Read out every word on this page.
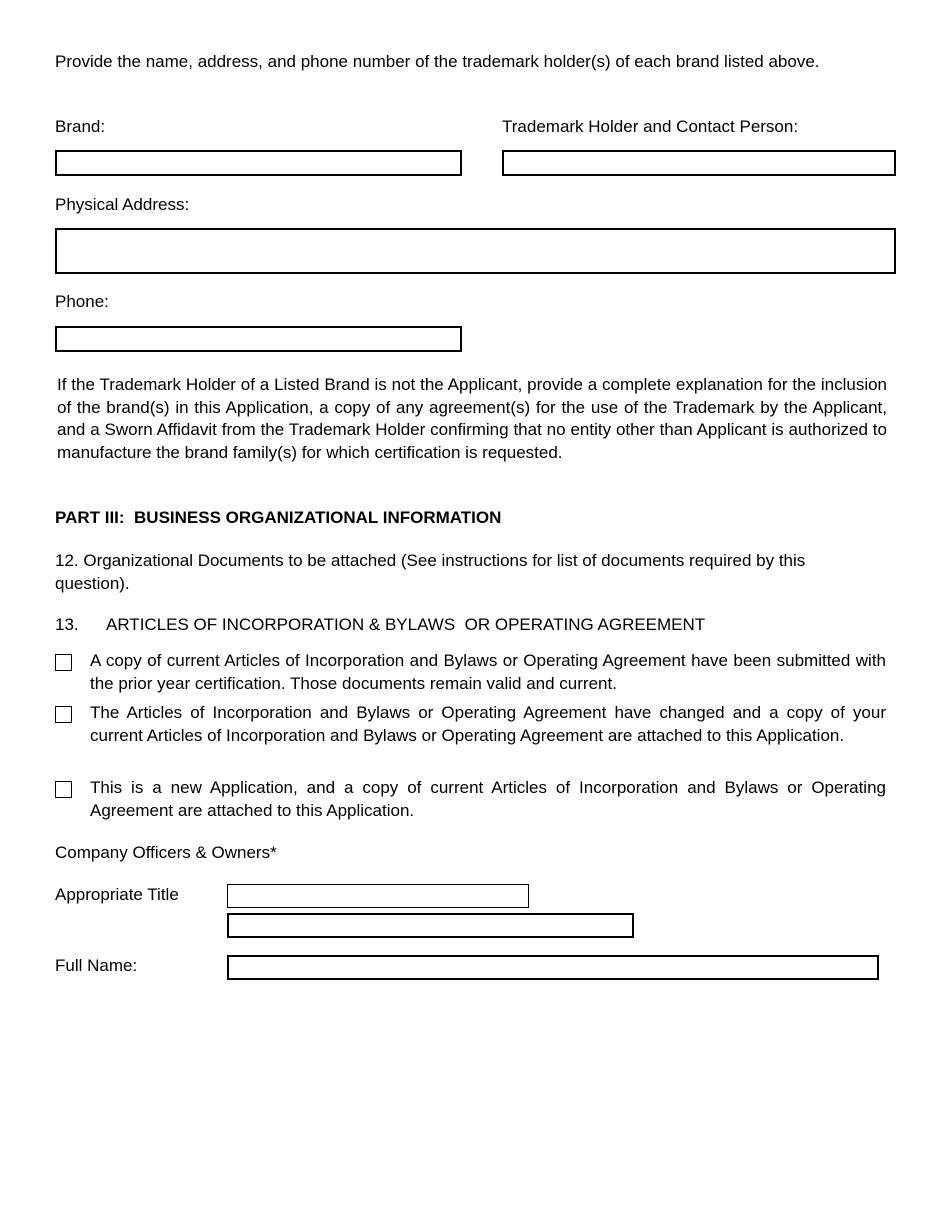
Provide the name, address, and phone number of the trademark holder(s) of each brand listed above.
Brand:	Trademark Holder and Contact Person:
Physical Address:
Phone:
If the Trademark Holder of a Listed Brand is not the Applicant, provide a complete explanation for the inclusion of the brand(s) in this Application, a copy of any agreement(s) for the use of the Trademark by the Applicant, and a Sworn Affidavit from the Trademark Holder confirming that no entity other than Applicant is authorized to manufacture the brand family(s) for which certification is requested.
PART III:  BUSINESS ORGANIZATIONAL INFORMATION
12. Organizational Documents to be attached (See instructions for list of documents required by this question).
13. ARTICLES OF INCORPORATION & BYLAWS  OR OPERATING AGREEMENT
A copy of current Articles of Incorporation and Bylaws or Operating Agreement have been submitted with the prior year certification. Those documents remain valid and current.
The Articles of Incorporation and Bylaws or Operating Agreement have changed and a copy of your current Articles of Incorporation and Bylaws or Operating Agreement are attached to this Application.
This is a new Application, and a copy of current Articles of Incorporation and Bylaws or Operating Agreement are attached to this Application.
Company Officers & Owners*
Appropriate Title
Full Name:
